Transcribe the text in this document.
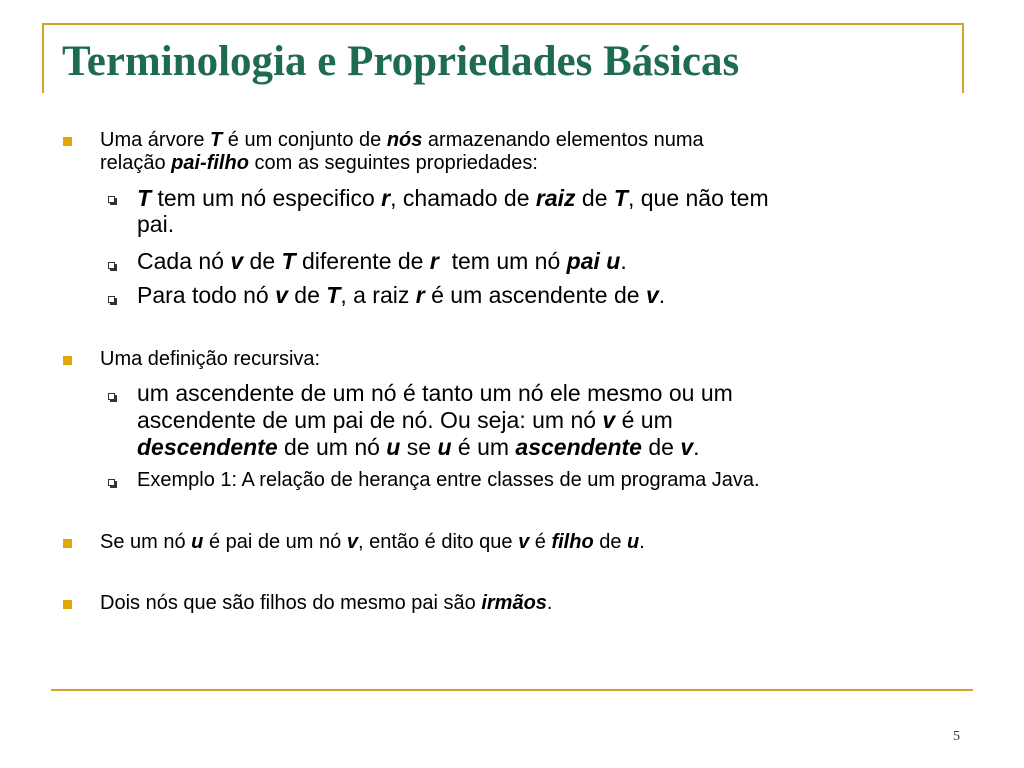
Terminologia e Propriedades Básicas
Uma árvore T é um conjunto de nós armazenando elementos numa
relação pai-filho com as seguintes propriedades:
T tem um nó especifico r, chamado de raiz de T, que não tem
pai.
Cada nó v de T diferente de r  tem um nó pai u.
Para todo nó v de T, a raiz r é um ascendente de v.
Uma definição recursiva:
um ascendente de um nó é tanto um nó ele mesmo ou um
ascendente de um pai de nó. Ou seja: um nó v é um
descendente de um nó u se u é um ascendente de v.
Exemplo 1: A relação de herança entre classes de um programa Java.
Se um nó u é pai de um nó v, então é dito que v é filho de u.
Dois nós que são filhos do mesmo pai são irmãos.
5
